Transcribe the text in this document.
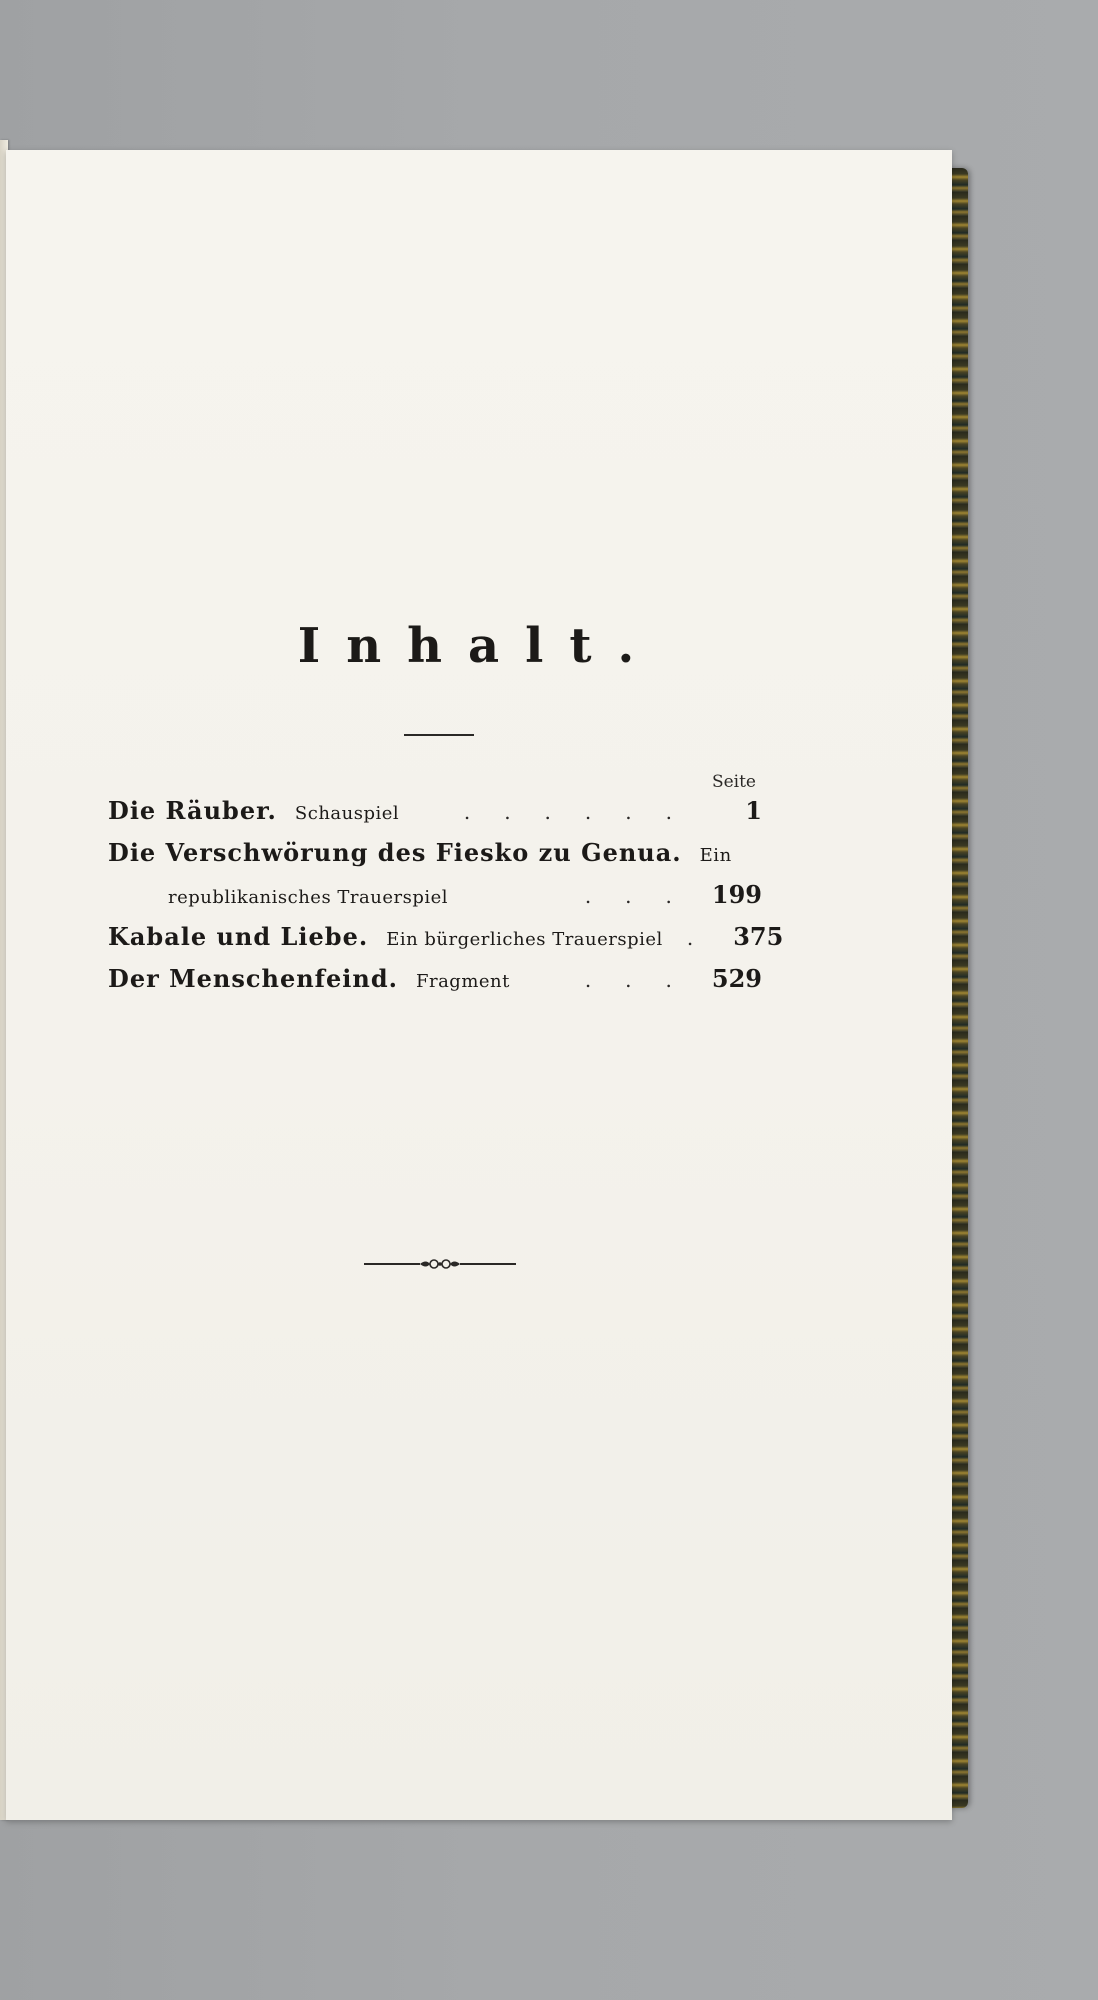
Inhalt.
Seite
Die Räuber. Schauspiel	......	1
Die Verschwörung des Fiesko zu Genua. Ein
republikanisches Trauerspiel	... 199
Kabale und Liebe. Ein bürgerliches Trauerspiel . 375
Der Menschenfeind. Fragment	... 529
